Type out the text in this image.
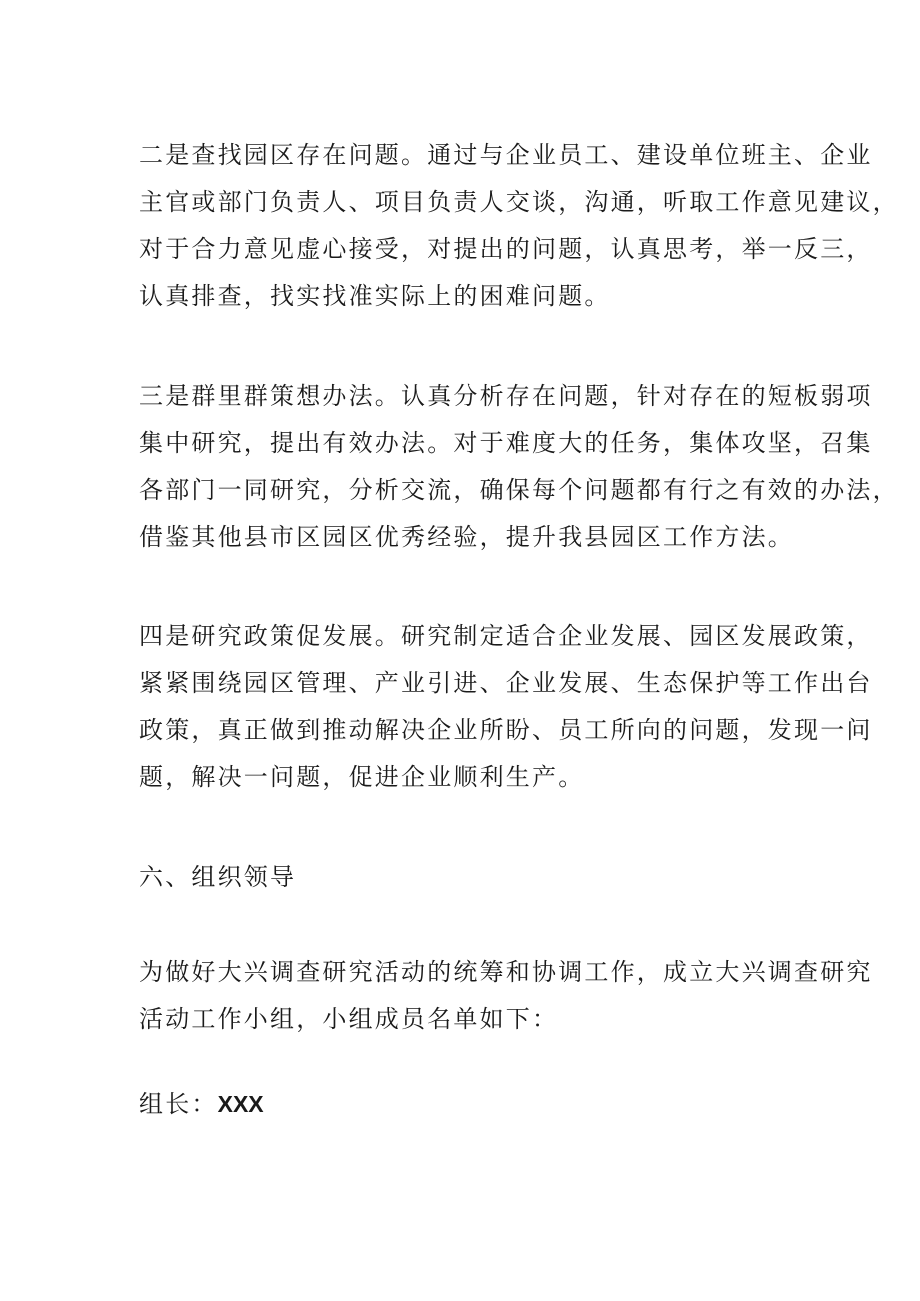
二是查找园区存在问题。通过与企业员工、建设单位班主、企业
主官或部门负责人、项目负责人交谈，沟通，听取工作意见建议，
对于合力意见虚心接受，对提出的问题，认真思考，举一反三，
认真排查，找实找准实际上的困难问题。
三是群里群策想办法。认真分析存在问题，针对存在的短板弱项
集中研究，提出有效办法。对于难度大的任务，集体攻坚，召集
各部门一同研究，分析交流，确保每个问题都有行之有效的办法，
借鉴其他县市区园区优秀经验，提升我县园区工作方法。
四是研究政策促发展。研究制定适合企业发展、园区发展政策，
紧紧围绕园区管理、产业引进、企业发展、生态保护等工作出台
政策，真正做到推动解决企业所盼、员工所向的问题，发现一问
题，解决一问题，促进企业顺利生产。
六、组织领导
为做好大兴调查研究活动的统筹和协调工作，成立大兴调查研究
活动工作小组，小组成员名单如下：
组长：XXX
